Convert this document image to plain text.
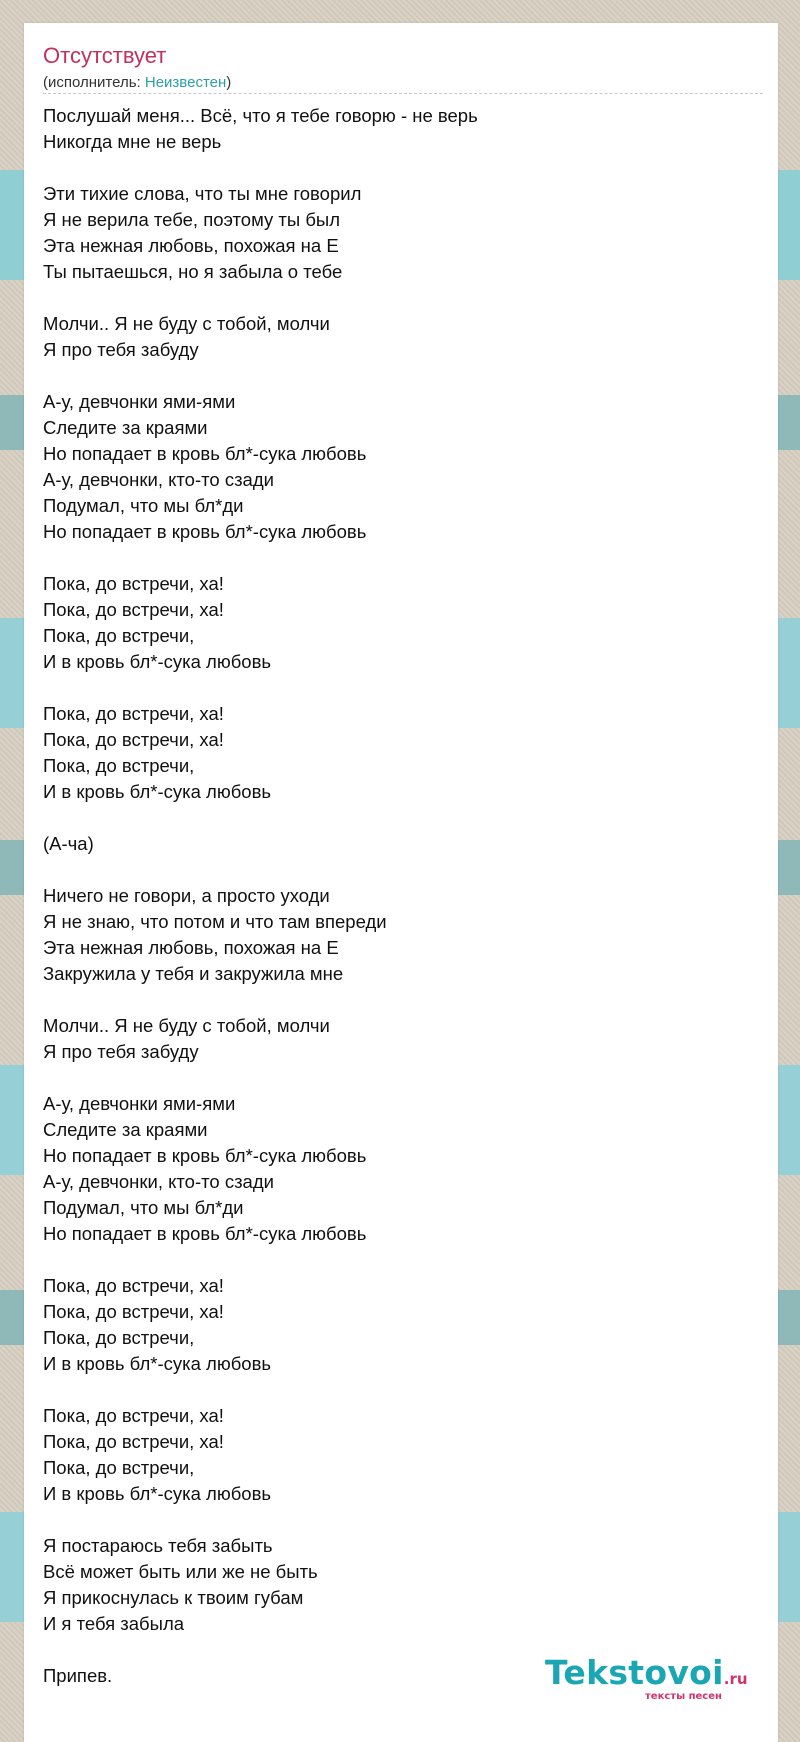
Отсутствует
(исполнитель: Неизвестен)
Послушай меня... Всё, что я тебе говорю - не верь
Никогда мне не верь
Эти тихие слова, что ты мне говорил
Я не верила тебе, поэтому ты был
Эта нежная любовь, похожая на Е
Ты пытаешься, но я забыла о тебе
Молчи.. Я не буду с тобой, молчи
Я про тебя забуду
А-у, девчонки ями-ями
Следите за краями
Но попадает в кровь бл*-сука любовь
А-у, девчонки, кто-то сзади
Подумал, что мы бл*ди
Но попадает в кровь бл*-сука любовь
Пока, до встречи, ха!
Пока, до встречи, ха!
Пока, до встречи,
И в кровь бл*-сука любовь
Пока, до встречи, ха!
Пока, до встречи, ха!
Пока, до встречи,
И в кровь бл*-сука любовь
(А-ча)
Ничего не говори, а просто уходи
Я не знаю, что потом и что там впереди
Эта нежная любовь, похожая на Е
Закружила у тебя и закружила мне
Молчи.. Я не буду с тобой, молчи
Я про тебя забуду
А-у, девчонки ями-ями
Следите за краями
Но попадает в кровь бл*-сука любовь
А-у, девчонки, кто-то сзади
Подумал, что мы бл*ди
Но попадает в кровь бл*-сука любовь
Пока, до встречи, ха!
Пока, до встречи, ха!
Пока, до встречи,
И в кровь бл*-сука любовь
Пока, до встречи, ха!
Пока, до встречи, ха!
Пока, до встречи,
И в кровь бл*-сука любовь
Я постараюсь тебя забыть
Всё может быть или же не быть
Я прикоснулась к твоим губам
И я тебя забыла
Припев.	Tekstovoi.ru
тексты песен
